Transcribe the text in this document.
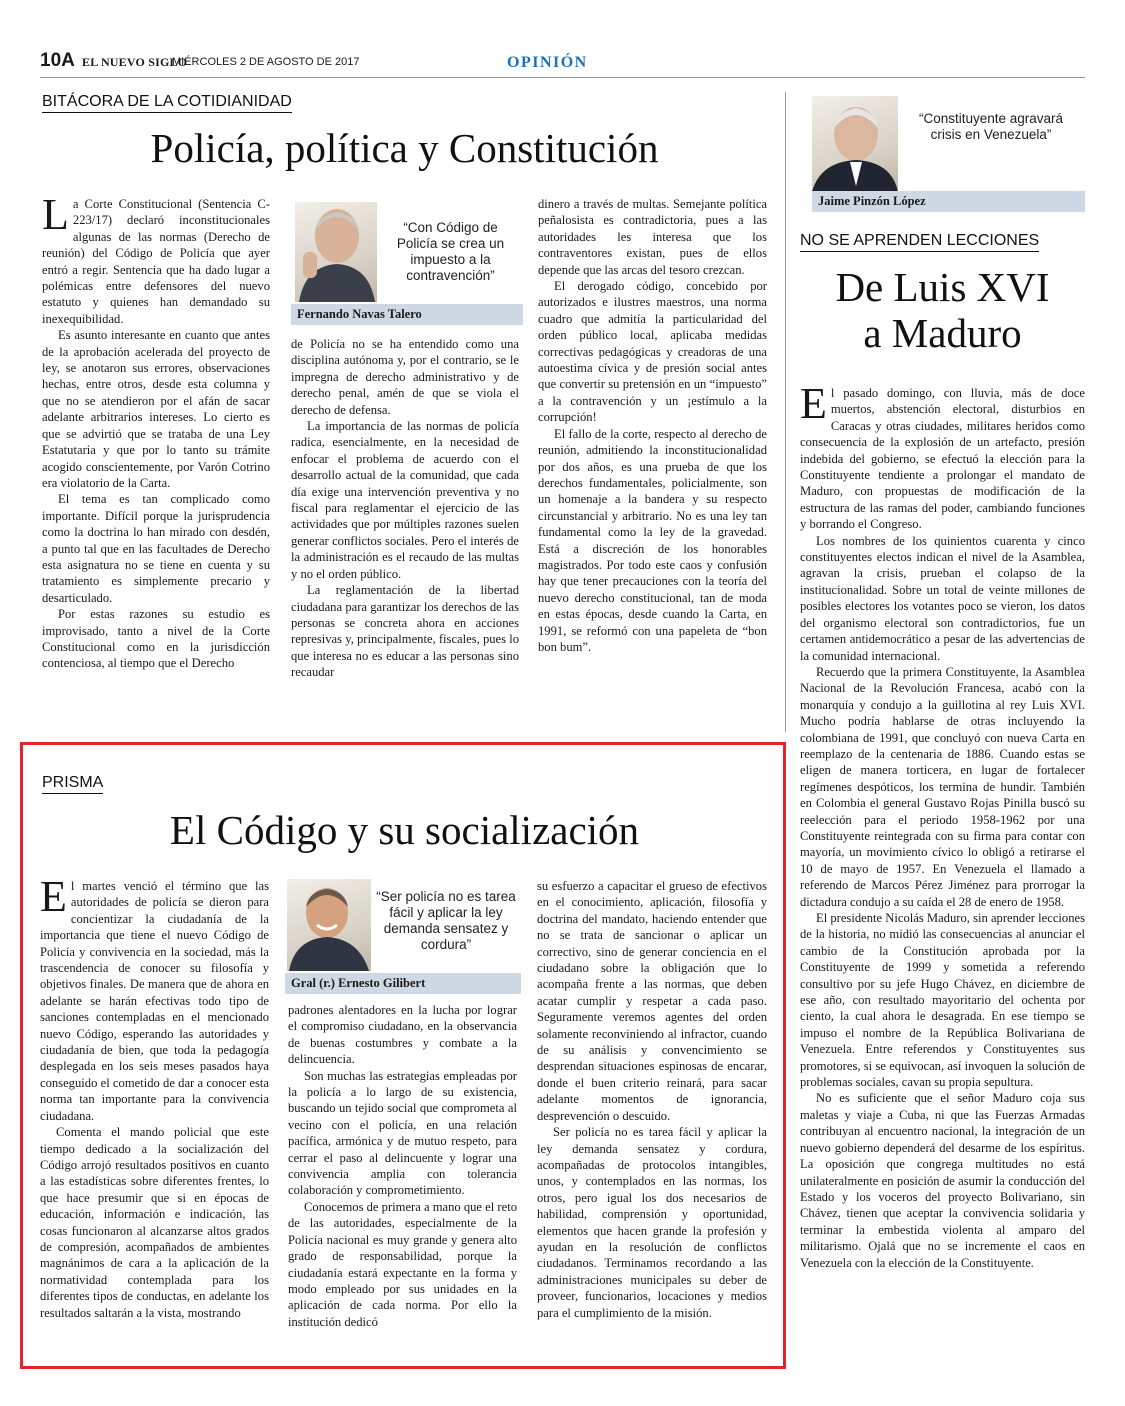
10A EL NUEVO SIGLO
MIÉRCOLES 2 DE AGOSTO DE 2017	OPINIÓN
BITÁCORA DE LA COTIDIANIDAD
Policía, política y Constitución
L a Corte Constitucional (Sentencia C-223/17) declaró inconstitucionales algunas de las normas (Derecho de reunión) del Código de Policía que ayer entró a regir. Sentencia que ha dado lugar a polémicas entre defensores del nuevo estatuto y quienes han demandado su inexequibilidad.

Es asunto interesante en cuanto que antes de la aprobación acelerada del proyecto de ley, se anotaron sus errores, observaciones hechas, entre otros, desde esta columna y que no se atendieron por el afán de sacar adelante arbitrarios intereses. Lo cierto es que se advirtió que se trataba de una Ley Estatutaria y que por lo tanto su trámite acogido conscientemente, por Varón Cotrino era violatorio de la Carta.

El tema es tan complicado como importante. Difícil porque la jurisprudencia como la doctrina lo han mirado con desdén, a punto tal que en las facultades de Derecho esta asignatura no se tiene en cuenta y su tratamiento es simplemente precario y desarticulado.

Por estas razones su estudio es improvisado, tanto a nivel de la Corte Constitucional como en la jurisdicción contenciosa, al tiempo que el Derecho

“Con Código de Policía se crea un impuesto a la contravención”
Fernando Navas Talero

de Policía no se ha entendido como una disciplina autónoma y, por el contrario, se le impregna de derecho administrativo y de derecho penal, amén de que se viola el derecho de defensa.

La importancia de las normas de policía radica, esencialmente, en la necesidad de enfocar el problema de acuerdo con el desarrollo actual de la comunidad, que cada día exige una intervención preventiva y no fiscal para reglamentar el ejercicio de las actividades que por múltiples razones suelen generar conflictos sociales. Pero el interés de la administración es el recaudo de las multas y no el orden público.

La reglamentación de la libertad ciudadana para garantizar los derechos de las personas se concreta ahora en acciones represivas y, principalmente, fiscales, pues lo que interesa no es educar a las personas sino recaudar

dinero a través de multas. Semejante política peñalosista es contradictoria, pues a las autoridades les interesa que los contraventores existan, pues de ellos depende que las arcas del tesoro crezcan.

El derogado código, concebido por autorizados e ilustres maestros, una norma cuadro que admitía la particularidad del orden público local, aplicaba medidas correctivas pedagógicas y creadoras de una autoestima cívica y de presión social antes que convertir su pretensión en un “impuesto” a la contravención y un ¡estímulo a la corrupción!

El fallo de la corte, respecto al derecho de reunión, admitiendo la inconstitucionalidad por dos años, es una prueba de que los derechos fundamentales, policialmente, son un homenaje a la bandera y su respecto circunstancial y arbitrario. No es una ley tan fundamental como la ley de la gravedad. Está a discreción de los honorables magistrados. Por todo este caos y confusión hay que tener precauciones con la teoría del nuevo derecho constitucional, tan de moda en estas épocas, desde cuando la Carta, en 1991, se reformó con una papeleta de “bon bon bum”.

PRISMA
El Código y su socialización
E l martes venció el término que las autoridades de policía se dieron para concientizar la ciudadanía de la importancia que tiene el nuevo Código de Policía y convivencia en la sociedad, más la trascendencia de conocer su filosofía y objetivos finales. De manera que de ahora en adelante se harán efectivas todo tipo de sanciones contempladas en el mencionado nuevo Código, esperando las autoridades y ciudadanía de bien, que toda la pedagogía desplegada en los seis meses pasados haya conseguido el cometido de dar a conocer esta norma tan importante para la convivencia ciudadana.

Comenta el mando policial que este tiempo dedicado a la socialización del Código arrojó resultados positivos en cuanto a las estadísticas sobre diferentes frentes, lo que hace presumir que si en épocas de educación, información e indicación, las cosas funcionaron al alcanzarse altos grados de compresión, acompañados de ambientes magnánimos de cara a la aplicación de la normatividad contemplada para los diferentes tipos de conductas, en adelante los resultados saltarán a la vista, mostrando

“Ser policía no es tarea fácil y aplicar la ley demanda sensatez y cordura”
Gral (r.) Ernesto Gilibert

padrones alentadores en la lucha por lograr el compromiso ciudadano, en la observancia de buenas costumbres y combate a la delincuencia.

Son muchas las estrategias empleadas por la policía a lo largo de su existencia, buscando un tejido social que comprometa al vecino con el policía, en una relación pacífica, armónica y de mutuo respeto, para cerrar el paso al delincuente y lograr una convivencia amplia con tolerancia colaboración y comprometimiento.

Conocemos de primera a mano que el reto de las autoridades, especialmente de la Policía nacional es muy grande y genera alto grado de responsabilidad, porque la ciudadanía estará expectante en la forma y modo empleado por sus unidades en la aplicación de cada norma. Por ello la institución dedicó

su esfuerzo a capacitar el grueso de efectivos en el conocimiento, aplicación, filosofía y doctrina del mandato, haciendo entender que no se trata de sancionar o aplicar un correctivo, sino de generar conciencia en el ciudadano sobre la obligación que lo acompaña frente a las normas, que deben acatar cumplir y respetar a cada paso. Seguramente veremos agentes del orden solamente reconviniendo al infractor, cuando de su análisis y convencimiento se desprendan situaciones espinosas de encarar, donde el buen criterio reinará, para sacar adelante momentos de ignorancia, desprevención o descuido.

Ser policía no es tarea fácil y aplicar la ley demanda sensatez y cordura, acompañadas de protocolos intangibles, unos, y contemplados en las normas, los otros, pero igual los dos necesarios de habilidad, comprensión y oportunidad, elementos que hacen grande la profesión y ayudan en la resolución de conflictos ciudadanos. Terminamos recordando a las administraciones municipales su deber de proveer, funcionarios, locaciones y medios para el cumplimiento de la misión.

“Constituyente agravará crisis en Venezuela”
Jaime Pinzón López
NO SE APRENDEN LECCIONES
De Luis XVI
a Maduro
E l pasado domingo, con lluvia, más de doce muertos, abstención electoral, disturbios en Caracas y otras ciudades, militares heridos como consecuencia de la explosión de un artefacto, presión indebida del gobierno, se efectuó la elección para la Constituyente tendiente a prolongar el mandato de Maduro, con propuestas de modificación de la estructura de las ramas del poder, cambiando funciones y borrando el Congreso.

Los nombres de los quinientos cuarenta y cinco constituyentes electos indican el nivel de la Asamblea, agravan la crisis, prueban el colapso de la institucionalidad. Sobre un total de veinte millones de posibles electores los votantes poco se vieron, los datos del organismo electoral son contradictorios, fue un certamen antidemocrático a pesar de las advertencias de la comunidad internacional.

Recuerdo que la primera Constituyente, la Asamblea Nacional de la Revolución Francesa, acabó con la monarquía y condujo a la guillotina al rey Luis XVI. Mucho podría hablarse de otras incluyendo la colombiana de 1991, que concluyó con nueva Carta en reemplazo de la centenaria de 1886. Cuando estas se eligen de manera torticera, en lugar de fortalecer regímenes despóticos, los termina de hundir. También en Colombia el general Gustavo Rojas Pinilla buscó su reelección para el periodo 1958-1962 por una Constituyente reintegrada con su firma para contar con mayoría, un movimiento cívico lo obligó a retirarse el 10 de mayo de 1957. En Venezuela el llamado a referendo de Marcos Pérez Jiménez para prorrogar la dictadura condujo a su caída el 28 de enero de 1958.

El presidente Nicolás Maduro, sin aprender lecciones de la historia, no midió las consecuencias al anunciar el cambio de la Constitución aprobada por la Constituyente de 1999 y sometida a referendo consultivo por su jefe Hugo Chávez, en diciembre de ese año, con resultado mayoritario del ochenta por ciento, la cual ahora le desagrada. En ese tiempo se impuso el nombre de la República Bolivariana de Venezuela. Entre referendos y Constituyentes sus promotores, si se equivocan, así invoquen la solución de problemas sociales, cavan su propia sepultura.

No es suficiente que el señor Maduro coja sus maletas y viaje a Cuba, ni que las Fuerzas Armadas contribuyan al encuentro nacional, la integración de un nuevo gobierno dependerá del desarme de los espíritus. La oposición que congrega multitudes no está unilateralmente en posición de asumir la conducción del Estado y los voceros del proyecto Bolivariano, sin Chávez, tienen que aceptar la convivencia solidaria y terminar la embestida violenta al amparo del militarismo. Ojalá que no se incremente el caos en Venezuela con la elección de la Constituyente.
